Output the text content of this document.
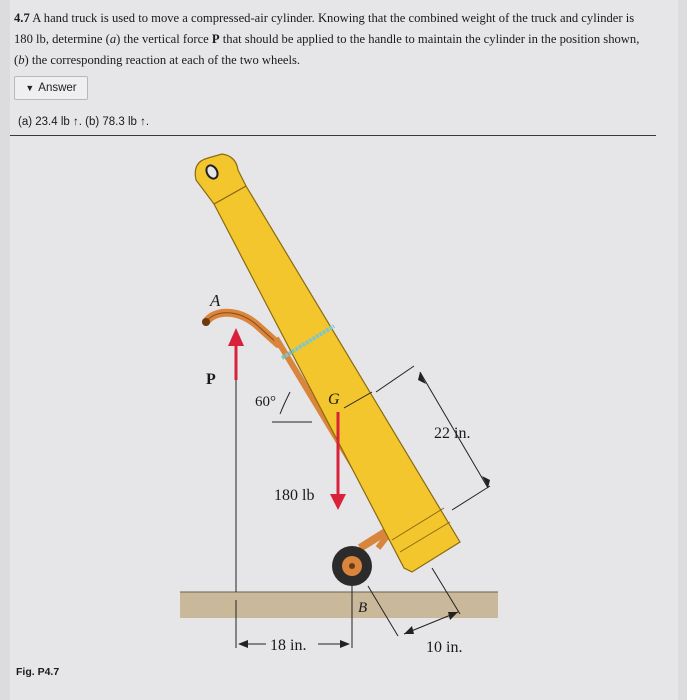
4.7 A hand truck is used to move a compressed-air cylinder. Knowing that the combined weight of the truck and cylinder is
180 lb, determine (a) the vertical force P that should be applied to the handle to maintain the cylinder in the position shown,
(b) the corresponding reaction at each of the two wheels.
▼ Answer
(a) 23.4 lb ↑. (b) 78.3 lb ↑.
A
P
60°	G
180 lb
22 in.
18 in.
B
10 in.
Fig. P4.7
